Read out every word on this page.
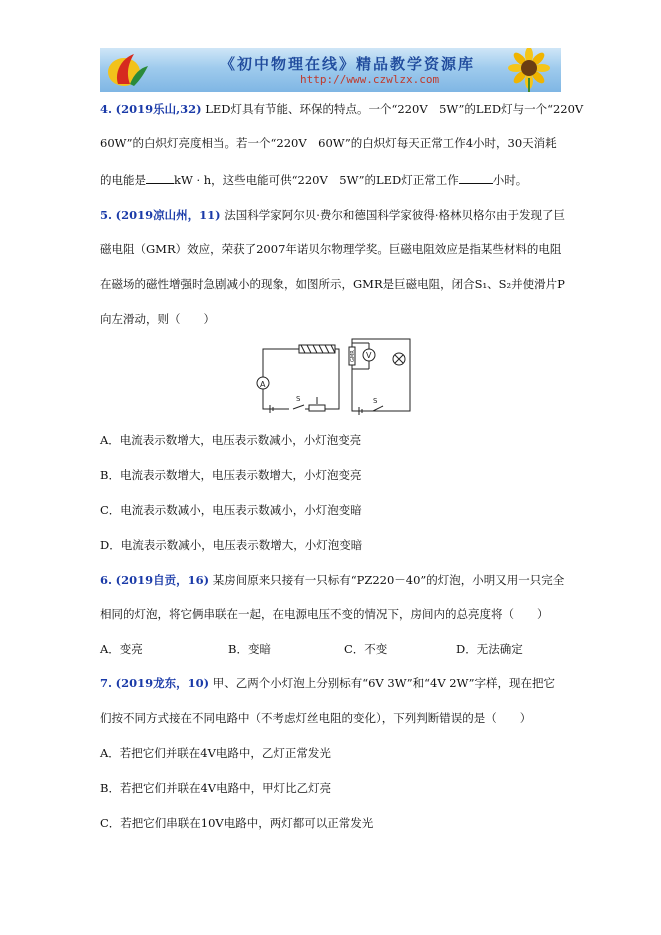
《初中物理在线》精品教学资源库
http://www.czwlzx.com
4. (2019乐山,32) LED灯具有节能、环保的特点。一个“220V　5W”的LED灯与一个“220V
60W”的白炽灯亮度相当。若一个“220V　60W”的白炽灯每天正常工作4小时，30天消耗
的电能是 kW · h，这些电能可供“220V　5W”的LED灯正常工作	小时。
5. (2019凉山州，11) 法国科学家阿尔贝·费尔和德国科学家彼得·格林贝格尔由于发现了巨
磁电阻（GMR）效应，荣获了2007年诺贝尔物理学奖。巨磁电阻效应是指某些材料的电阻
在磁场的磁性增强时急剧减小的现象，如图所示，GMR是巨磁电阻，闭合S₁、S₂并使滑片P
向左滑动，则（　　）
A
S
GMR V
S
A．电流表示数增大，电压表示数减小，小灯泡变亮
B．电流表示数增大，电压表示数增大，小灯泡变亮
C．电流表示数减小，电压表示数减小，小灯泡变暗
D．电流表示数减小，电压表示数增大，小灯泡变暗
6. (2019自贡，16) 某房间原来只接有一只标有“PZ220－40”的灯泡，小明又用一只完全
相同的灯泡，将它俩串联在一起，在电源电压不变的情况下，房间内的总亮度将（　　）
A．变亮	B．变暗	C．不变	D．无法确定
7. (2019龙东，10) 甲、乙两个小灯泡上分别标有“6V 3W”和“4V 2W”字样，现在把它
们按不同方式接在不同电路中（不考虑灯丝电阻的变化），下列判断错误的是（　　）
A．若把它们并联在4V电路中，乙灯正常发光
B．若把它们并联在4V电路中，甲灯比乙灯亮
C．若把它们串联在10V电路中，两灯都可以正常发光
